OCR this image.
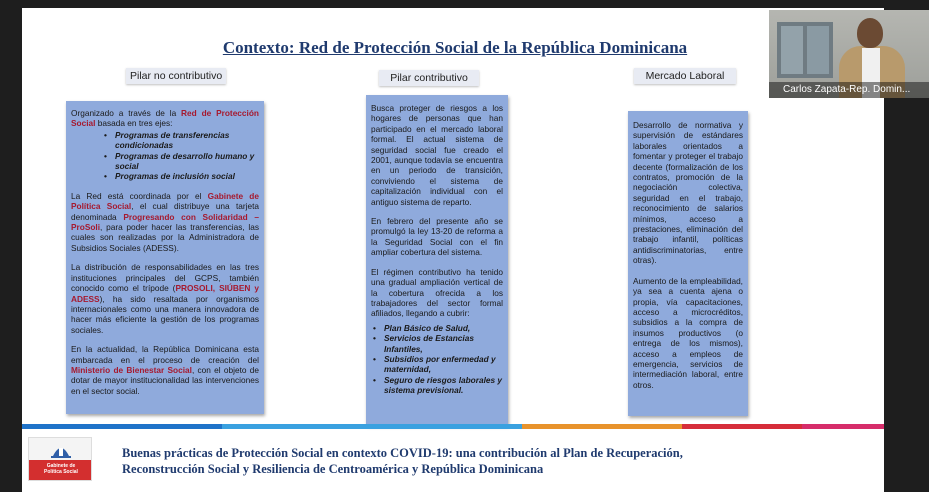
Contexto: Red de Protección Social de la República Dominicana
Pilar no contributivo	Pilar contributivo	Mercado Laboral

Organizado a través de la Red de Protección Social basada en tres ejes:

• Programas de transferencias condicionadas
• Programas de desarrollo humano y social
• Programas de inclusión social

La Red está coordinada por el Gabinete de Política Social, el cual distribuye una tarjeta denominada Progresando con Solidaridad – ProSoli, para poder hacer las transferencias, las cuales son realizadas por la Administradora de Subsidios Sociales (ADESS).

La distribución de responsabilidades en las tres instituciones principales del GCPS, también conocido como el trípode (PROSOLI, SIÚBEN y ADESS), ha sido resaltada por organismos internacionales como una manera innovadora de hacer más eficiente la gestión de los programas sociales.

En la actualidad, la República Dominicana esta embarcada en el proceso de creación del Ministerio de Bienestar Social, con el objeto de dotar de mayor institucionalidad las intervenciones en el sector social.

Busca proteger de riesgos a los hogares de personas que han participado en el mercado laboral formal. El actual sistema de seguridad social fue creado el 2001, aunque todavía se encuentra en un periodo de transición, conviviendo el sistema de capitalización individual con el antiguo sistema de reparto.

En febrero del presente año se promulgó la ley 13-20 de reforma a la Seguridad Social con el fin ampliar cobertura del sistema.

El régimen contributivo ha tenido una gradual ampliación vertical de la cobertura ofrecida a los trabajadores del sector formal afiliados, llegando a cubrir:

• Plan Básico de Salud,
• Servicios de Estancias Infantiles,
• Subsidios por enfermedad y maternidad,
• Seguro de riesgos laborales y sistema previsional.

Desarrollo de normativa y supervisión de estándares laborales orientados a fomentar y proteger el trabajo decente (formalización de los contratos, promoción de la negociación colectiva, seguridad en el trabajo, reconocimiento de salarios mínimos, acceso a prestaciones, eliminación del trabajo infantil, políticas antidiscriminatorias, entre otras).

Aumento de la empleabilidad, ya sea a cuenta ajena o propia, vía capacitaciones, acceso a microcréditos, subsidios a la compra de insumos productivos (o entrega de los mismos), acceso a empleos de emergencia, servicios de intermediación laboral, entre otros.

Gabinete de
Política Social
Buenas prácticas de Protección Social en contexto COVID-19: una contribución al Plan de Recuperación,
Reconstrucción Social y Resiliencia de Centroamérica y República Dominicana
Carlos Zapata-Rep. Domin...
